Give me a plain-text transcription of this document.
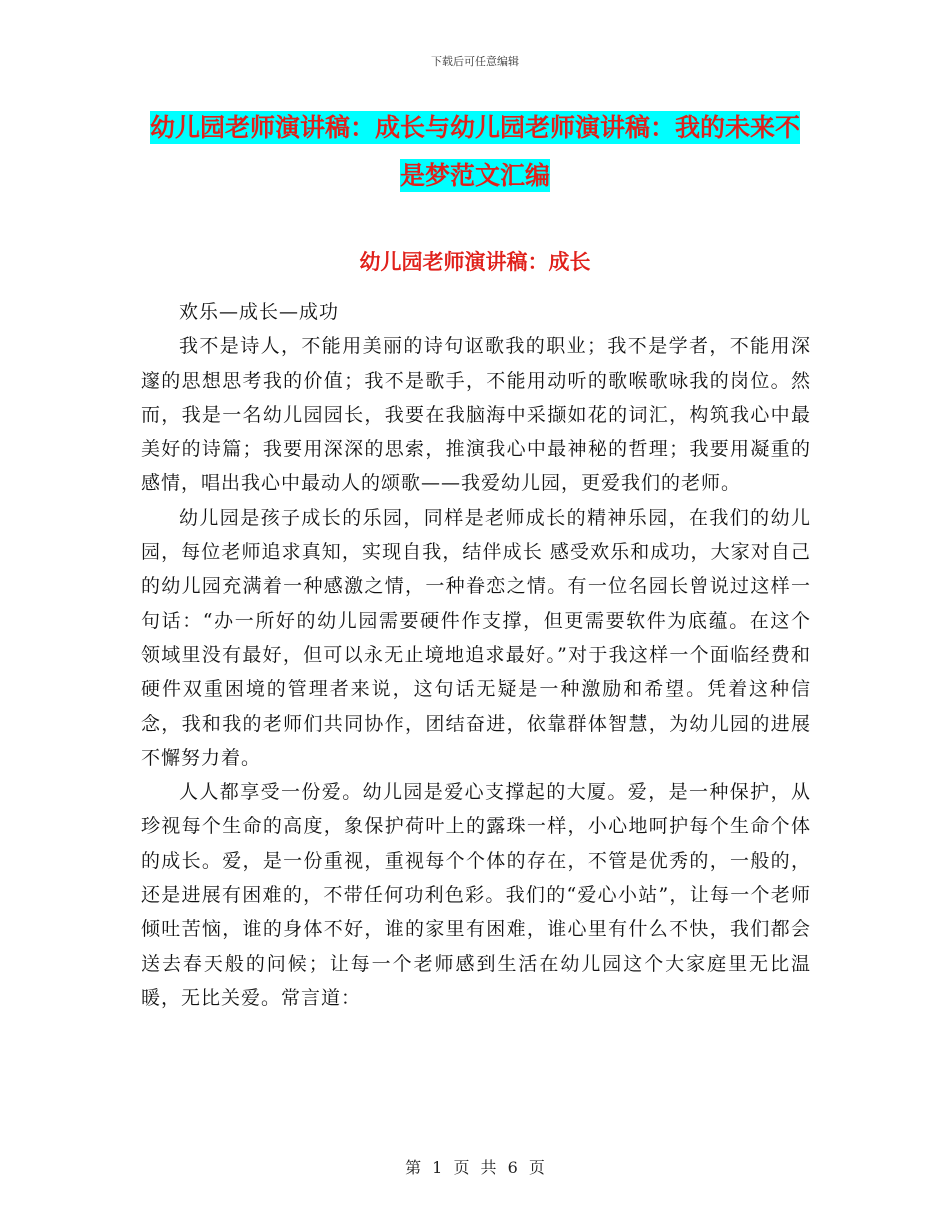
下载后可任意编辑
幼儿园老师演讲稿：成长与幼儿园老师演讲稿：我的未来不是梦范文汇编
幼儿园老师演讲稿：成长

欢乐—成长—成功

我不是诗人，不能用美丽的诗句讴歌我的职业；我不是学者，不能用深邃的思想思考我的价值；我不是歌手，不能用动听的歌喉歌咏我的岗位。然而，我是一名幼儿园园长，我要在我脑海中采撷如花的词汇，构筑我心中最美好的诗篇；我要用深深的思索，推演我心中最神秘的哲理；我要用凝重的感情，唱出我心中最动人的颂歌——我爱幼儿园，更爱我们的老师。

幼儿园是孩子成长的乐园，同样是老师成长的精神乐园，在我们的幼儿园，每位老师追求真知，实现自我，结伴成长 感受欢乐和成功，大家对自己的幼儿园充满着一种感激之情，一种眷恋之情。有一位名园长曾说过这样一句话：“办一所好的幼儿园需要硬件作支撑，但更需要软件为底蕴。在这个领域里没有最好，但可以永无止境地追求最好。”对于我这样一个面临经费和硬件双重困境的管理者来说，这句话无疑是一种激励和希望。凭着这种信念，我和我的老师们共同协作，团结奋进，依靠群体智慧，为幼儿园的进展不懈努力着。

人人都享受一份爱。幼儿园是爱心支撑起的大厦。爱，是一种保护，从珍视每个生命的高度，象保护荷叶上的露珠一样，小心地呵护每个生命个体的成长。爱，是一份重视，重视每个个体的存在，不管是优秀的，一般的，还是进展有困难的，不带任何功利色彩。我们的“爱心小站”，让每一个老师倾吐苦恼，谁的身体不好，谁的家里有困难，谁心里有什么不快，我们都会送去春天般的问候；让每一个老师感到生活在幼儿园这个大家庭里无比温暖，无比关爱。常言道：

第 1 页 共 6 页
